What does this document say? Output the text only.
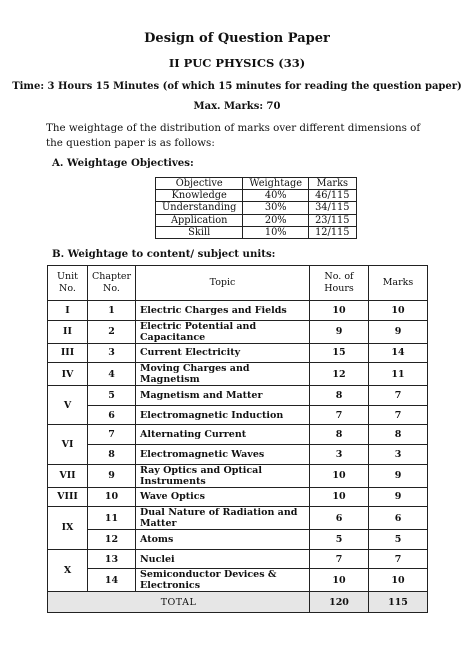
Design of Question Paper
II PUC PHYSICS (33)
Time: 3 Hours 15 Minutes (of which 15 minutes for reading the question paper)
Max. Marks: 70
The weightage of the distribution of marks over different dimensions of the question paper is as follows:
A. Weightage Objectives:
Objective	Weightage	Marks
Knowledge	40%	46/115
Understanding	30%	34/115
Application	20%	23/115
Skill	10%	12/115
B. Weightage to content/ subject units:
Unit No.	Chapter No.	Topic	No. of Hours	Marks
I	1	Electric Charges and Fields	10	10
II	2	Electric Potential and Capacitance	9	9
III	3	Current Electricity	15	14
IV	4	Moving Charges and Magnetism	12	11
V	5	Magnetism and Matter	8	7
	6	Electromagnetic Induction	7	7
VI	7	Alternating Current	8	8
	8	Electromagnetic Waves	3	3
VII	9	Ray Optics and Optical Instruments	10	9
VIII	10	Wave Optics	10	9
IX	11	Dual Nature of Radiation and Matter	6	6
	12	Atoms	5	5
X	13	Nuclei	7	7
	14	Semiconductor Devices & Electronics	10	10
TOTAL			120	115
